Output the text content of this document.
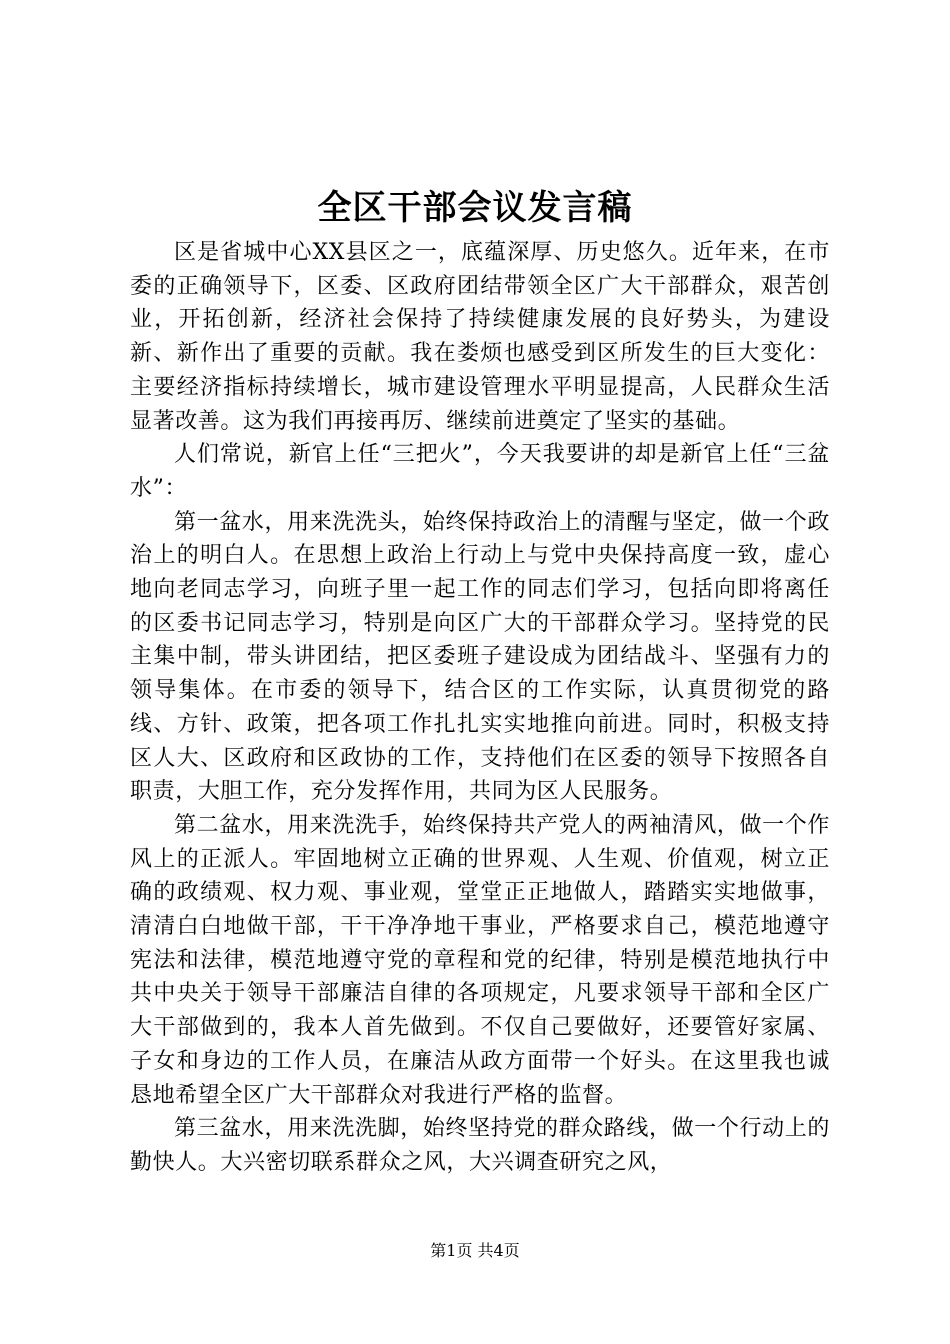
全区干部会议发言稿

区是省城中心XX县区之一，底蕴深厚、历史悠久。近年来，在市委的正确领导下，区委、区政府团结带领全区广大干部群众，艰苦创业，开拓创新，经济社会保持了持续健康发展的良好势头，为建设新、新作出了重要的贡献。我在娄烦也感受到区所发生的巨大变化：主要经济指标持续增长，城市建设管理水平明显提高，人民群众生活显著改善。这为我们再接再厉、继续前进奠定了坚实的基础。

人们常说，新官上任“三把火”，今天我要讲的却是新官上任“三盆水”：

第一盆水，用来洗洗头，始终保持政治上的清醒与坚定，做一个政治上的明白人。在思想上政治上行动上与党中央保持高度一致，虚心地向老同志学习，向班子里一起工作的同志们学习，包括向即将离任的区委书记同志学习，特别是向区广大的干部群众学习。坚持党的民主集中制，带头讲团结，把区委班子建设成为团结战斗、坚强有力的领导集体。在市委的领导下，结合区的工作实际，认真贯彻党的路线、方针、政策，把各项工作扎扎实实地推向前进。同时，积极支持区人大、区政府和区政协的工作，支持他们在区委的领导下按照各自职责，大胆工作，充分发挥作用，共同为区人民服务。

第二盆水，用来洗洗手，始终保持共产党人的两袖清风，做一个作风上的正派人。牢固地树立正确的世界观、人生观、价值观，树立正确的政绩观、权力观、事业观，堂堂正正地做人，踏踏实实地做事，清清白白地做干部，干干净净地干事业，严格要求自己，模范地遵守宪法和法律，模范地遵守党的章程和党的纪律，特别是模范地执行中共中央关于领导干部廉洁自律的各项规定，凡要求领导干部和全区广大干部做到的，我本人首先做到。不仅自己要做好，还要管好家属、子女和身边的工作人员，在廉洁从政方面带一个好头。在这里我也诚恳地希望全区广大干部群众对我进行严格的监督。

第三盆水，用来洗洗脚，始终坚持党的群众路线，做一个行动上的勤快人。大兴密切联系群众之风，大兴调查研究之风，

第1页 共4页
